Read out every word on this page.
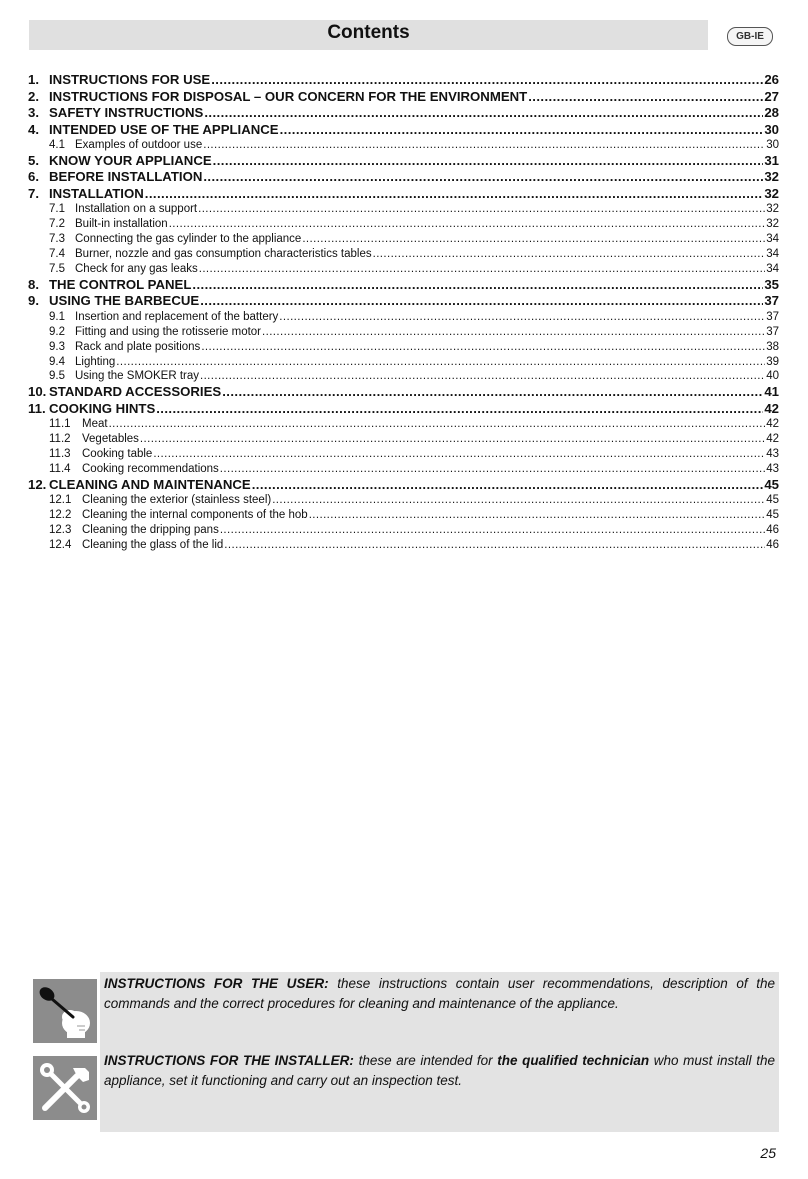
Contents	GB-IE
1. INSTRUCTIONS FOR USE .....	26
2. INSTRUCTIONS FOR DISPOSAL – OUR CONCERN FOR THE ENVIRONMENT .....	27
3. SAFETY INSTRUCTIONS .....	28
4. INTENDED USE OF THE APPLIANCE .....	30
4.1 Examples of outdoor use .....	30
5. KNOW YOUR APPLIANCE .....	31
6. BEFORE INSTALLATION .....	32
7. INSTALLATION .....	32
7.1 Installation on a support .....	32
7.2 Built-in installation .....	32
7.3 Connecting the gas cylinder to the appliance .....	34
7.4 Burner, nozzle and gas consumption characteristics tables .....	34
7.5 Check for any gas leaks .....	34
8. THE CONTROL PANEL .....	35
9. USING THE BARBECUE .....	37
9.1 Insertion and replacement of the battery .....	37
9.2 Fitting and using the rotisserie motor .....	37
9.3 Rack and plate positions .....	38
9.4 Lighting .....	39
9.5 Using the SMOKER tray .....	40
10. STANDARD ACCESSORIES .....	41
11. COOKING HINTS .....	42
11.1 Meat .....	42
11.2 Vegetables .....	42
11.3 Cooking table .....	43
11.4 Cooking recommendations .....	43
12. CLEANING AND MAINTENANCE .....	45
12.1 Cleaning the exterior (stainless steel) .....	45
12.2 Cleaning the internal components of the hob .....	45
12.3 Cleaning the dripping pans .....	46
12.4 Cleaning the glass of the lid .....	46
INSTRUCTIONS FOR THE USER: these instructions contain user recommendations, description of the commands and the correct procedures for cleaning and maintenance of the appliance.
INSTRUCTIONS FOR THE INSTALLER: these are intended for the qualified technician who must install the appliance, set it functioning and carry out an inspection test.
25
